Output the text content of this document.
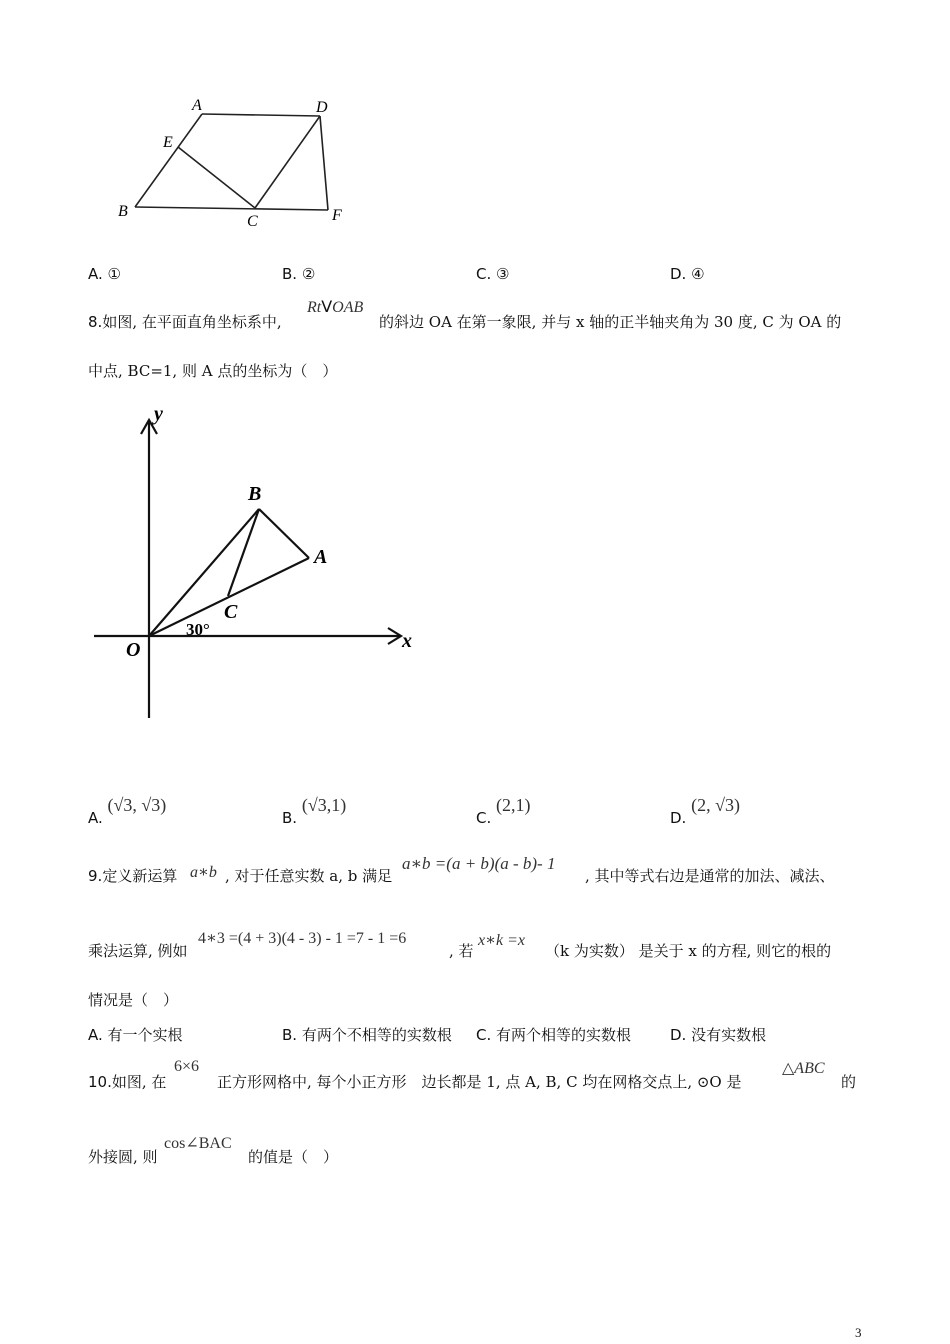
A	D
E
B
C	F
A. ①	B. ②	C. ③	D. ④
8.如图, 在平面直角坐标系中,
RtVOAB
的斜边 OA 在第一象限, 并与 x 轴的正半轴夹角为 30 度, C 为 OA 的
中点, BC=1, 则 A 点的坐标为（　）
y
x
O
B
A
C
30°
A. (√3, √3)
B. (√3,1)
C. (2,1)
D. (2, √3)
9.定义新运算 a∗b , 对于任意实数 a, b 满足
a∗b =(a + b)(a - b)- 1
, 其中等式右边是通常的加法、减法、
乘法运算, 例如
4∗3 =(4 + 3)(4 - 3) - 1 =7 - 1 =6
, 若
x∗k =x
（k 为实数） 是关于 x 的方程, 则它的根的
情况是（　）
A. 有一个实根	B. 有两个不相等的实数根 C. 有两个相等的实数根	D. 没有实数根
10.如图, 在
6×6
正方形网格中, 每个小正方形　边长都是 1, 点 A, B, C 均在网格交点上, ⊙O 是
△ABC
的
外接圆, 则
cos∠BAC
的值是（　）
3
